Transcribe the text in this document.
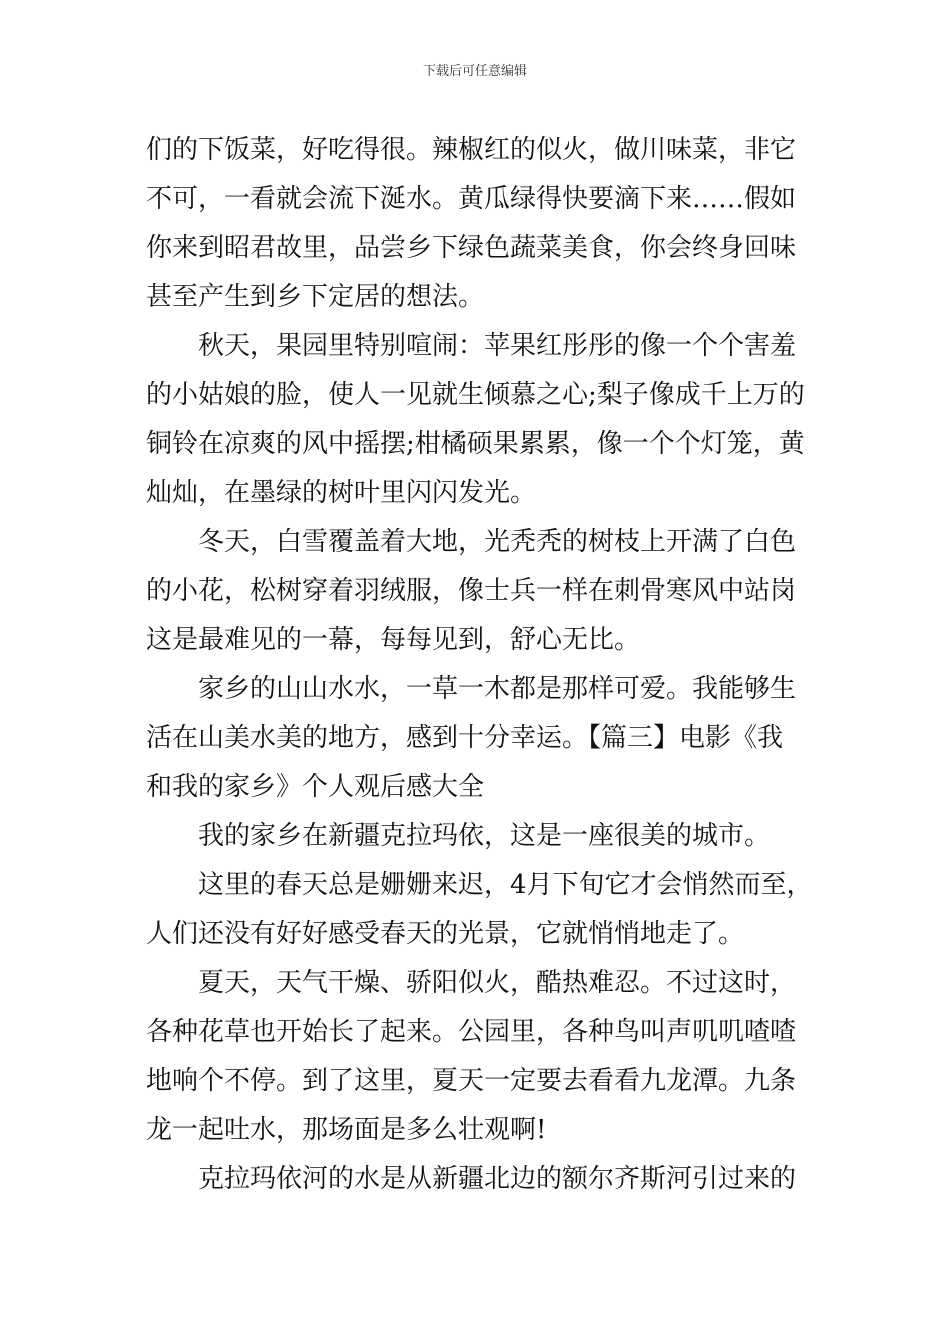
下载后可任意编辑
们的下饭菜，好吃得很。辣椒红的似火，做川味菜，非它
不可，一看就会流下涎水。黄瓜绿得快要滴下来……假如
你来到昭君故里，品尝乡下绿色蔬菜美食，你会终身回味
甚至产生到乡下定居的想法。
秋天，果园里特别喧闹：苹果红彤彤的像一个个害羞
的小姑娘的脸，使人一见就生倾慕之心;梨子像成千上万的
铜铃在凉爽的风中摇摆;柑橘硕果累累，像一个个灯笼，黄
灿灿，在墨绿的树叶里闪闪发光。
冬天，白雪覆盖着大地，光秃秃的树枝上开满了白色
的小花，松树穿着羽绒服，像士兵一样在刺骨寒风中站岗
这是最难见的一幕，每每见到，舒心无比。
家乡的山山水水，一草一木都是那样可爱。我能够生
活在山美水美的地方，感到十分幸运。【篇三】电影《我
和我的家乡》个人观后感大全
我的家乡在新疆克拉玛依，这是一座很美的城市。
这里的春天总是姗姗来迟，4月下旬它才会悄然而至，
人们还没有好好感受春天的光景，它就悄悄地走了。
夏天，天气干燥、骄阳似火，酷热难忍。不过这时，
各种花草也开始长了起来。公园里，各种鸟叫声叽叽喳喳
地响个不停。到了这里，夏天一定要去看看九龙潭。九条
龙一起吐水，那场面是多么壮观啊!
克拉玛依河的水是从新疆北边的额尔齐斯河引过来的
